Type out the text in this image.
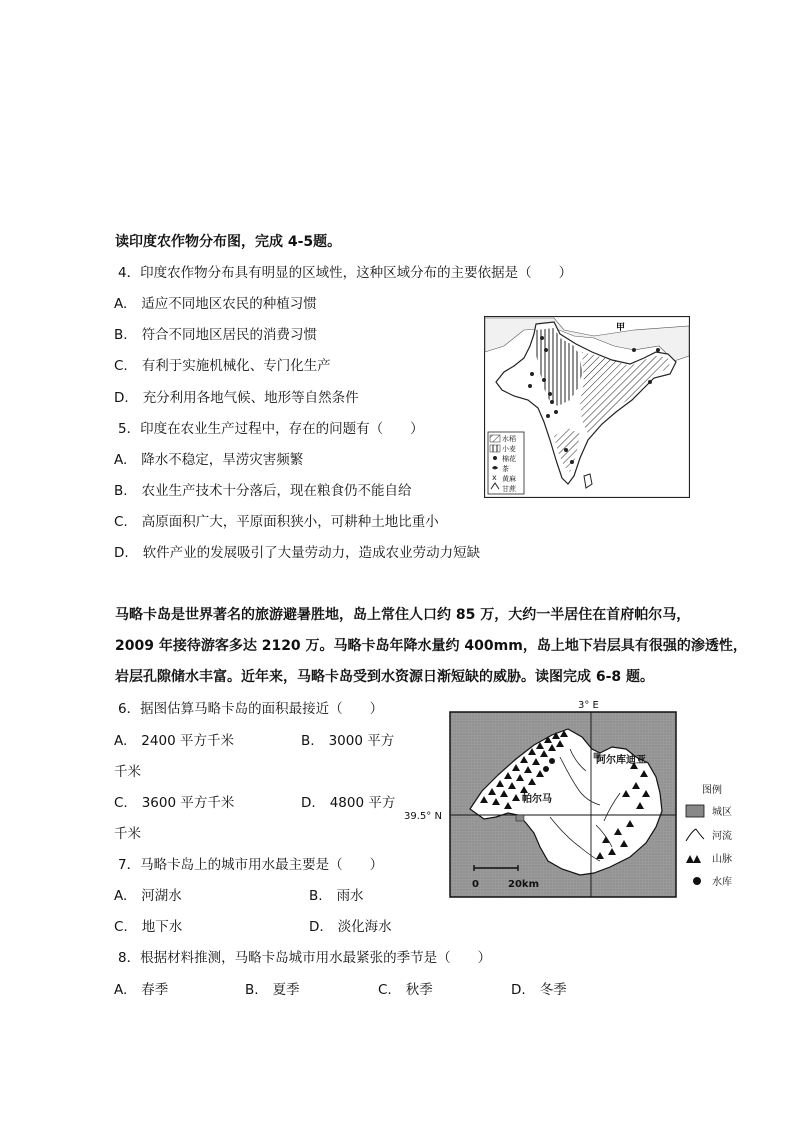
读印度农作物分布图，完成 4-5题。
4．印度农作物分布具有明显的区域性，这种区域分布的主要依据是（　　）
A. 适应不同地区农民的种植习惯
B. 符合不同地区居民的消费习惯
C. 有利于实施机械化、专门化生产
D. 充分利用各地气候、地形等自然条件
5．印度在农业生产过程中，存在的问题有（　　）
A. 降水不稳定，旱涝灾害频繁
B. 农业生产技术十分落后，现在粮食仍不能自给
C. 高原面积广大，平原面积狭小，可耕种土地比重小
D. 软件产业的发展吸引了大量劳动力，造成农业劳动力短缺
x
水稻
小麦
棉花
茶
黄麻
甘蔗
甲
马略卡岛是世界著名的旅游避暑胜地，岛上常住人口约 85 万，大约一半居住在首府帕尔马，
2009 年接待游客多达 2120 万。马略卡岛年降水量约 400mm，岛上地下岩层具有很强的渗透性，
岩层孔隙储水丰富。近年来，马略卡岛受到水资源日渐短缺的威胁。读图完成 6-8 题。
6．据图估算马略卡岛的面积最接近（　　）
A. 2400 平方千米	B. 3000 平方
千米
C. 3600 平方千米	D. 4800 平方
千米
7．马略卡岛上的城市用水最主要是（　　）
A. 河湖水	B. 雨水
C. 地下水	D. 淡化海水
8．根据材料推测，马略卡岛城市用水最紧张的季节是（　　）
A. 春季	B. 夏季	C. 秋季	D. 冬季
3° E
39.5° N
阿尔库迪亚
帕尔马
0	20km
图例
城区
河流
山脉
水库
